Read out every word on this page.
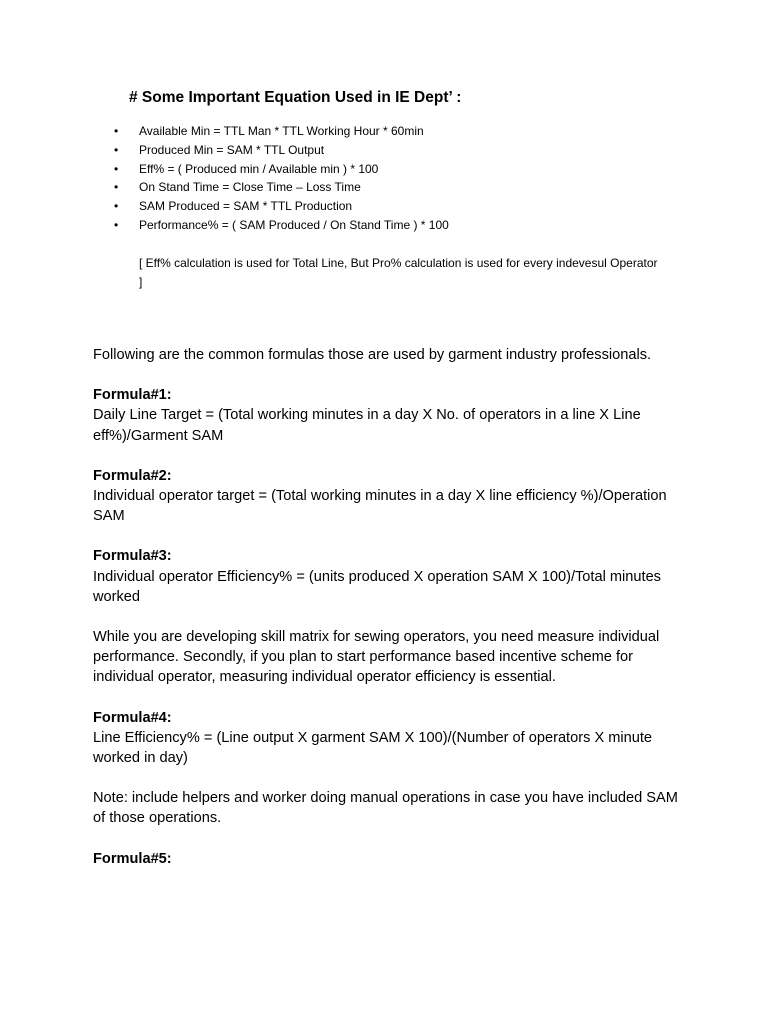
# Some Important Equation Used in IE Dept’ :
• Available Min = TTL Man * TTL Working Hour * 60min
• Produced Min = SAM * TTL Output
• Eff% = ( Produced min / Available min ) * 100
• On Stand Time = Close Time – Loss Time
• SAM Produced = SAM * TTL Production
• Performance% = ( SAM Produced / On Stand Time ) * 100
[ Eff% calculation is used for Total Line, But Pro% calculation is used for every indevesul Operator ]

Following are the common formulas those are used by garment industry professionals.

Formula#1:
Daily Line Target = (Total working minutes in a day X No. of operators in a line X Line eff%)/Garment SAM

Formula#2:
Individual operator target = (Total working minutes in a day X line efficiency %)/Operation SAM

Formula#3:
Individual operator Efficiency% = (units produced X operation SAM X 100)/Total minutes worked

While you are developing skill matrix for sewing operators, you need measure individual performance. Secondly, if you plan to start performance based incentive scheme for individual operator, measuring individual operator efficiency is essential.

Formula#4:
Line Efficiency% = (Line output X garment SAM X 100)/(Number of operators X minute worked in day)

Note: include helpers and worker doing manual operations in case you have included SAM of those operations.

Formula#5:
